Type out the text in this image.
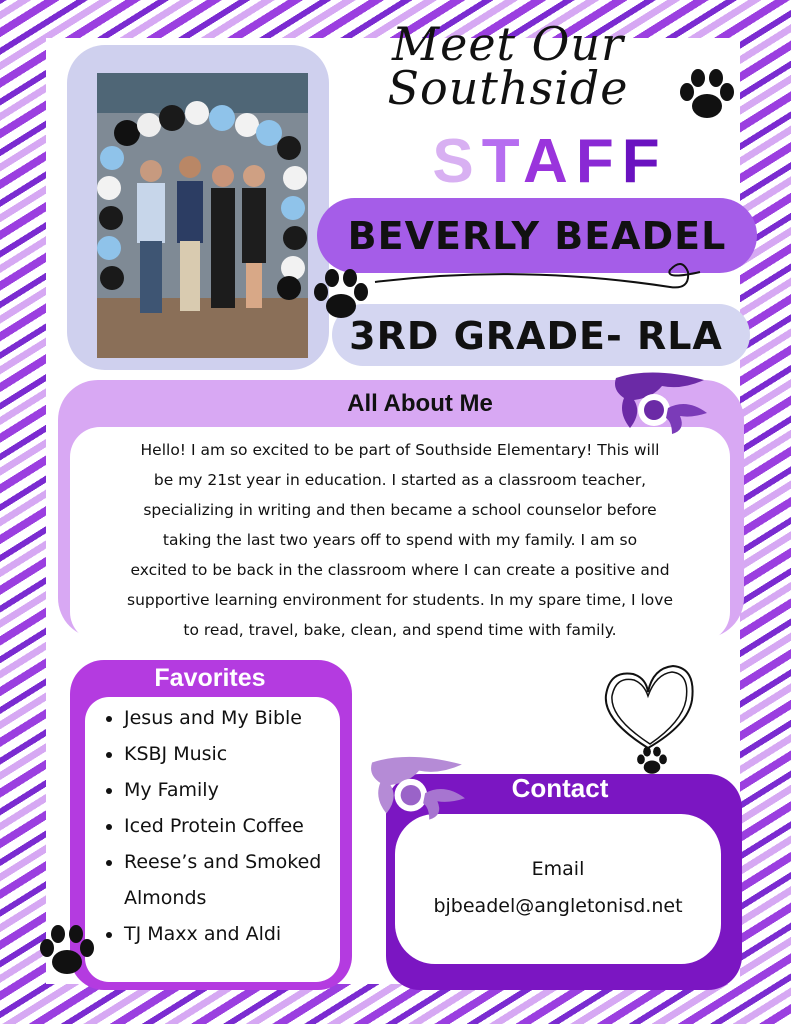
Meet Our
Southside
STAFF
BEVERLY BEADEL
3RD GRADE- RLA
All About Me
Hello! I am so excited to be part of Southside Elementary! This will
be my 21st year in education. I started as a classroom teacher,
specializing in writing and then became a school counselor before
taking the last two years off to spend with my family. I am so
excited to be back in the classroom where I can create a positive and
supportive learning environment for students. In my spare time, I love
to read, travel, bake, clean, and spend time with family.
Favorites
• Jesus and My Bible
• KSBJ Music
• My Family
• Iced Protein Coffee
• Reese’s and Smoked Almonds
• TJ Maxx and Aldi
Contact
Email
bjbeadel@angletonisd.net
